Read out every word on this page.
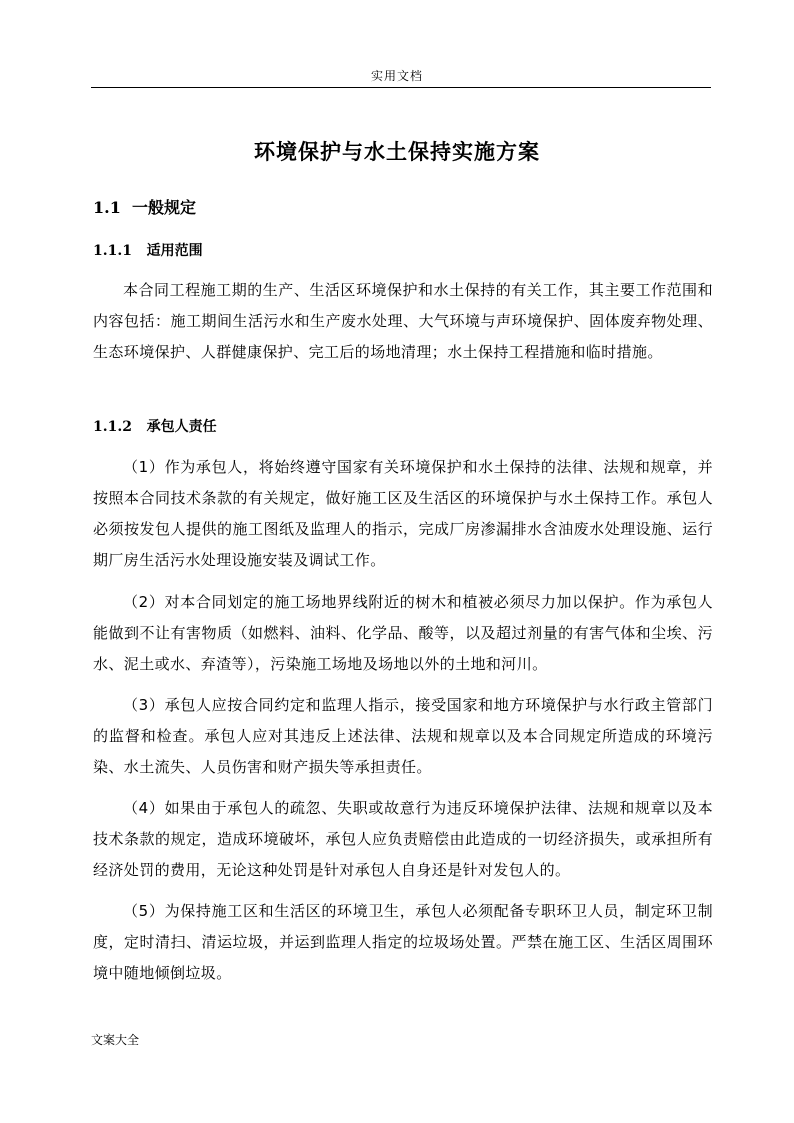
实用文档
环境保护与水土保持实施方案
1.1 一般规定
1.1.1 适用范围

本合同工程施工期的生产、生活区环境保护和水土保持的有关工作，其主要工作范围和内容包括：施工期间生活污水和生产废水处理、大气环境与声环境保护、固体废弃物处理、生态环境保护、人群健康保护、完工后的场地清理；水土保持工程措施和临时措施。

1.1.2 承包人责任

（1）作为承包人，将始终遵守国家有关环境保护和水土保持的法律、法规和规章，并按照本合同技术条款的有关规定，做好施工区及生活区的环境保护与水土保持工作。承包人必须按发包人提供的施工图纸及监理人的指示，完成厂房渗漏排水含油废水处理设施、运行期厂房生活污水处理设施安装及调试工作。

（2）对本合同划定的施工场地界线附近的树木和植被必须尽力加以保护。作为承包人能做到不让有害物质（如燃料、油料、化学品、酸等，以及超过剂量的有害气体和尘埃、污水、泥土或水、弃渣等），污染施工场地及场地以外的土地和河川。

（3）承包人应按合同约定和监理人指示，接受国家和地方环境保护与水行政主管部门的监督和检查。承包人应对其违反上述法律、法规和规章以及本合同规定所造成的环境污染、水土流失、人员伤害和财产损失等承担责任。

（4）如果由于承包人的疏忽、失职或故意行为违反环境保护法律、法规和规章以及本技术条款的规定，造成环境破坏，承包人应负责赔偿由此造成的一切经济损失，或承担所有经济处罚的费用，无论这种处罚是针对承包人自身还是针对发包人的。

（5）为保持施工区和生活区的环境卫生，承包人必须配备专职环卫人员，制定环卫制度，定时清扫、清运垃圾，并运到监理人指定的垃圾场处置。严禁在施工区、生活区周围环境中随地倾倒垃圾。

文案大全
